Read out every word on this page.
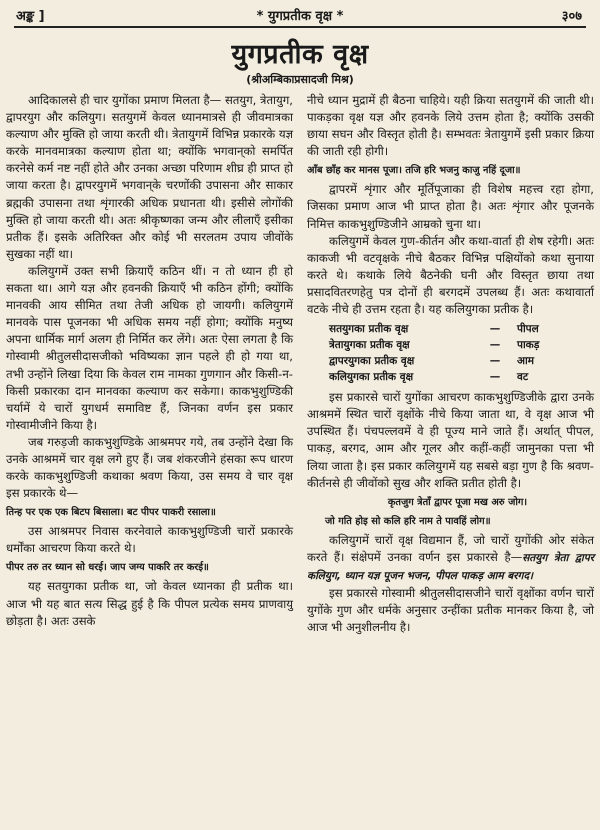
अङ्क ]	* युगप्रतीक वृक्ष *	३०७
युगप्रतीक वृक्ष
(श्रीअम्बिकाप्रसादजी मिश्र)

आदिकालसे ही चार युगोंका प्रमाण मिलता है— सतयुग, त्रेतायुग, द्वापरयुग और कलियुग। सतयुगमें केवल ध्यानमात्रसे ही जीवमात्रका कल्याण और मुक्ति हो जाया करती थी। त्रेतायुगमें विभिन्न प्रकारके यज्ञ करके मानवमात्रका कल्याण होता था; क्योंकि भगवान्‌को समर्पित करनेसे कर्म नष्ट नहीं होते और उनका अच्छा परिणाम शीघ्र ही प्राप्त हो जाया करता है। द्वापरयुगमें भगवान्‌के चरणोंकी उपासना और साकार ब्रह्मकी उपासना तथा शृंगारकी अधिक प्रधानता थी। इसीसे लोगोंकी मुक्ति हो जाया करती थी। अतः श्रीकृष्णका जन्म और लीलाएँ इसीका प्रतीक हैं। इसके अतिरिक्त और कोई भी सरलतम उपाय जीवोंके सुखका नहीं था।

कलियुगमें उक्त सभी क्रियाएँ कठिन थीं। न तो ध्यान ही हो सकता था। आगे यज्ञ और हवनकी क्रियाएँ भी कठिन होंगी; क्योंकि मानवकी आय सीमित तथा तेजी अधिक हो जायगी। कलियुगमें मानवके पास पूजनका भी अधिक समय नहीं होगा; क्योंकि मनुष्य अपना धार्मिक मार्ग अलग ही निर्मित कर लेंगे। अतः ऐसा लगता है कि गोस्वामी श्रीतुलसीदासजीको भविष्यका ज्ञान पहले ही हो गया था, तभी उन्होंने लिखा दिया कि केवल राम नामका गुणगान और किसी-न-किसी प्रकारका दान मानवका कल्याण कर सकेगा। काकभुशुण्डिकी चर्यामें ये चारों युगधर्म समाविष्ट हैं, जिनका वर्णन इस प्रकार गोस्वामीजीने किया है।

जब गरुड़जी काकभुशुण्डिके आश्रमपर गये, तब उन्होंने देखा कि उनके आश्रममें चार वृक्ष लगे हुए हैं। जब शंकरजीने हंसका रूप धारण करके काकभुशुण्डिजी कथाका श्रवण किया, उस समय वे चार वृक्ष इस प्रकारके थे—

तिन्ह पर एक एक बिटप बिसाला। बट पीपर पाकरी रसाला॥

उस आश्रमपर निवास करनेवाले काकभुशुण्डिजी चारों प्रकारके धर्मोंका आचरण किया करते थे।

पीपर तरु तर ध्यान सो धरई। जाप जग्य पाकरि तर करई॥

यह सतयुगका प्रतीक था, जो केवल ध्यानका ही प्रतीक था। आज भी यह बात सत्य सिद्ध हुई है कि पीपल प्रत्येक समय प्राणवायु छोड़ता है। अतः उसके

नीचे ध्यान मुद्रामें ही बैठना चाहिये। यही क्रिया सतयुगमें की जाती थी। पाकड़का वृक्ष यज्ञ और हवनके लिये उत्तम होता है; क्योंकि उसकी छाया सघन और विस्तृत होती है। सम्भवतः त्रेतायुगमें इसी प्रकार क्रिया की जाती रही होगी।

आँब छाँह कर मानस पूजा। तजि हरि भजनु काजु नहिं दूजा॥

द्वापरमें शृंगार और मूर्तिपूजाका ही विशेष महत्त्व रहा होगा, जिसका प्रमाण आज भी प्राप्त होता है। अतः शृंगार और पूजनके निमित्त काकभुशुण्डिजीने आम्रको चुना था।

कलियुगमें केवल गुण-कीर्तन और कथा-वार्ता ही शेष रहेगी। अतः काकजी भी वटवृक्षके नीचे बैठकर विभिन्न पक्षियोंको कथा सुनाया करते थे। कथाके लिये बैठनेकी घनी और विस्तृत छाया तथा प्रसादवितरणहेतु पत्र दोनों ही बरगदमें उपलब्ध हैं। अतः कथावार्ता वटके नीचे ही उत्तम रहता है। यह कलियुगका प्रतीक है।

सतयुगका प्रतीक वृक्ष	—	पीपल
त्रेतायुगका प्रतीक वृक्ष	—	पाकड़
द्वापरयुगका प्रतीक वृक्ष	—	आम
कलियुगका प्रतीक वृक्ष	—	वट

इस प्रकारसे चारों युगोंका आचरण काकभुशुण्डिजीके द्वारा उनके आश्रममें स्थित चारों वृक्षोंके नीचे किया जाता था, वे वृक्ष आज भी उपस्थित हैं। पंचपल्लवमें वे ही पूज्य माने जाते हैं। अर्थात् पीपल, पाकड़, बरगद, आम और गूलर और कहीं-कहीं जामुनका पत्ता भी लिया जाता है। इस प्रकार कलियुगमें यह सबसे बड़ा गुण है कि श्रवण-कीर्तनसे ही जीवोंको सुख और शक्ति प्रतीत होती है।

कृतजुग त्रेताँ द्वापर पूजा मख अरु जोग।
जो गति होइ सो कलि हरि नाम ते पावहिं लोग॥

कलियुगमें चारों वृक्ष विद्यमान हैं, जो चारों युगोंकी ओर संकेत करते हैं। संक्षेपमें उनका वर्णन इस प्रकारसे है—सतयुग त्रेता द्वापर कलियुग, ध्यान यज्ञ पूजन भजन, पीपल पाकड़ आम बरगद।

इस प्रकारसे गोस्वामी श्रीतुलसीदासजीने चारों वृक्षोंका वर्णन चारों युगोंके गुण और धर्मके अनुसार उन्हींका प्रतीक मानकर किया है, जो आज भी अनुशीलनीय है।
